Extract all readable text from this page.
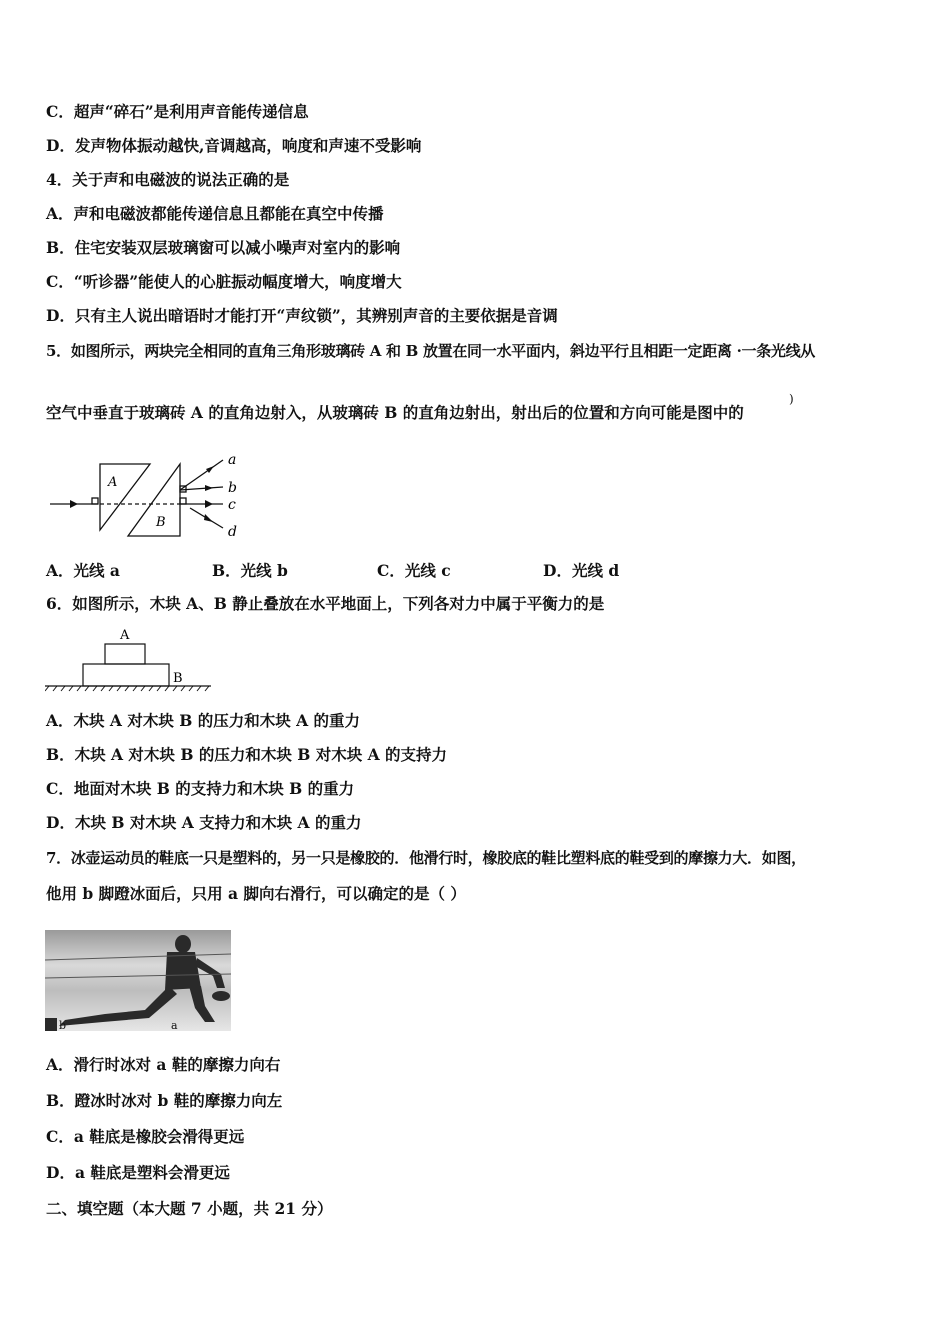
C．超声“碎石”是利用声音能传递信息
D．发声物体振动越快,音调越高，响度和声速不受影响
4．关于声和电磁波的说法正确的是
A．声和电磁波都能传递信息且都能在真空中传播
B．住宅安装双层玻璃窗可以减小噪声对室内的影响
C．“听诊器”能使人的心脏振动幅度增大，响度增大
D．只有主人说出暗语时才能打开“声纹锁”，其辨别声音的主要依据是音调
5．如图所示，两块完全相同的直角三角形玻璃砖 A 和 B 放置在同一水平面内，斜边平行且相距一定距离 ·一条光线从
空气中垂直于玻璃砖 A 的直角边射入，从玻璃砖 B 的直角边射出，射出后的位置和方向可能是图中的
)
A
B
a
b
c
d
A．光线 a	B．光线 b	C．光线 c	D．光线 d
6．如图所示，木块 A、B 静止叠放在水平地面上，下列各对力中属于平衡力的是
A
B
A．木块 A 对木块 B 的压力和木块 A 的重力
B．木块 A 对木块 B 的压力和木块 B 对木块 A 的支持力
C．地面对木块 B 的支持力和木块 B 的重力
D．木块 B 对木块 A 支持力和木块 A 的重力
7．冰壶运动员的鞋底一只是塑料的，另一只是橡胶的．他滑行时，橡胶底的鞋比塑料底的鞋受到的摩擦力大．如图，
他用 b 脚蹬冰面后，只用 a 脚向右滑行，可以确定的是（ ）
b	a
A．滑行时冰对 a 鞋的摩擦力向右
B．蹬冰时冰对 b 鞋的摩擦力向左
C．a 鞋底是橡胶会滑得更远
D．a 鞋底是塑料会滑更远
二、填空题（本大题 7 小题，共 21 分）
